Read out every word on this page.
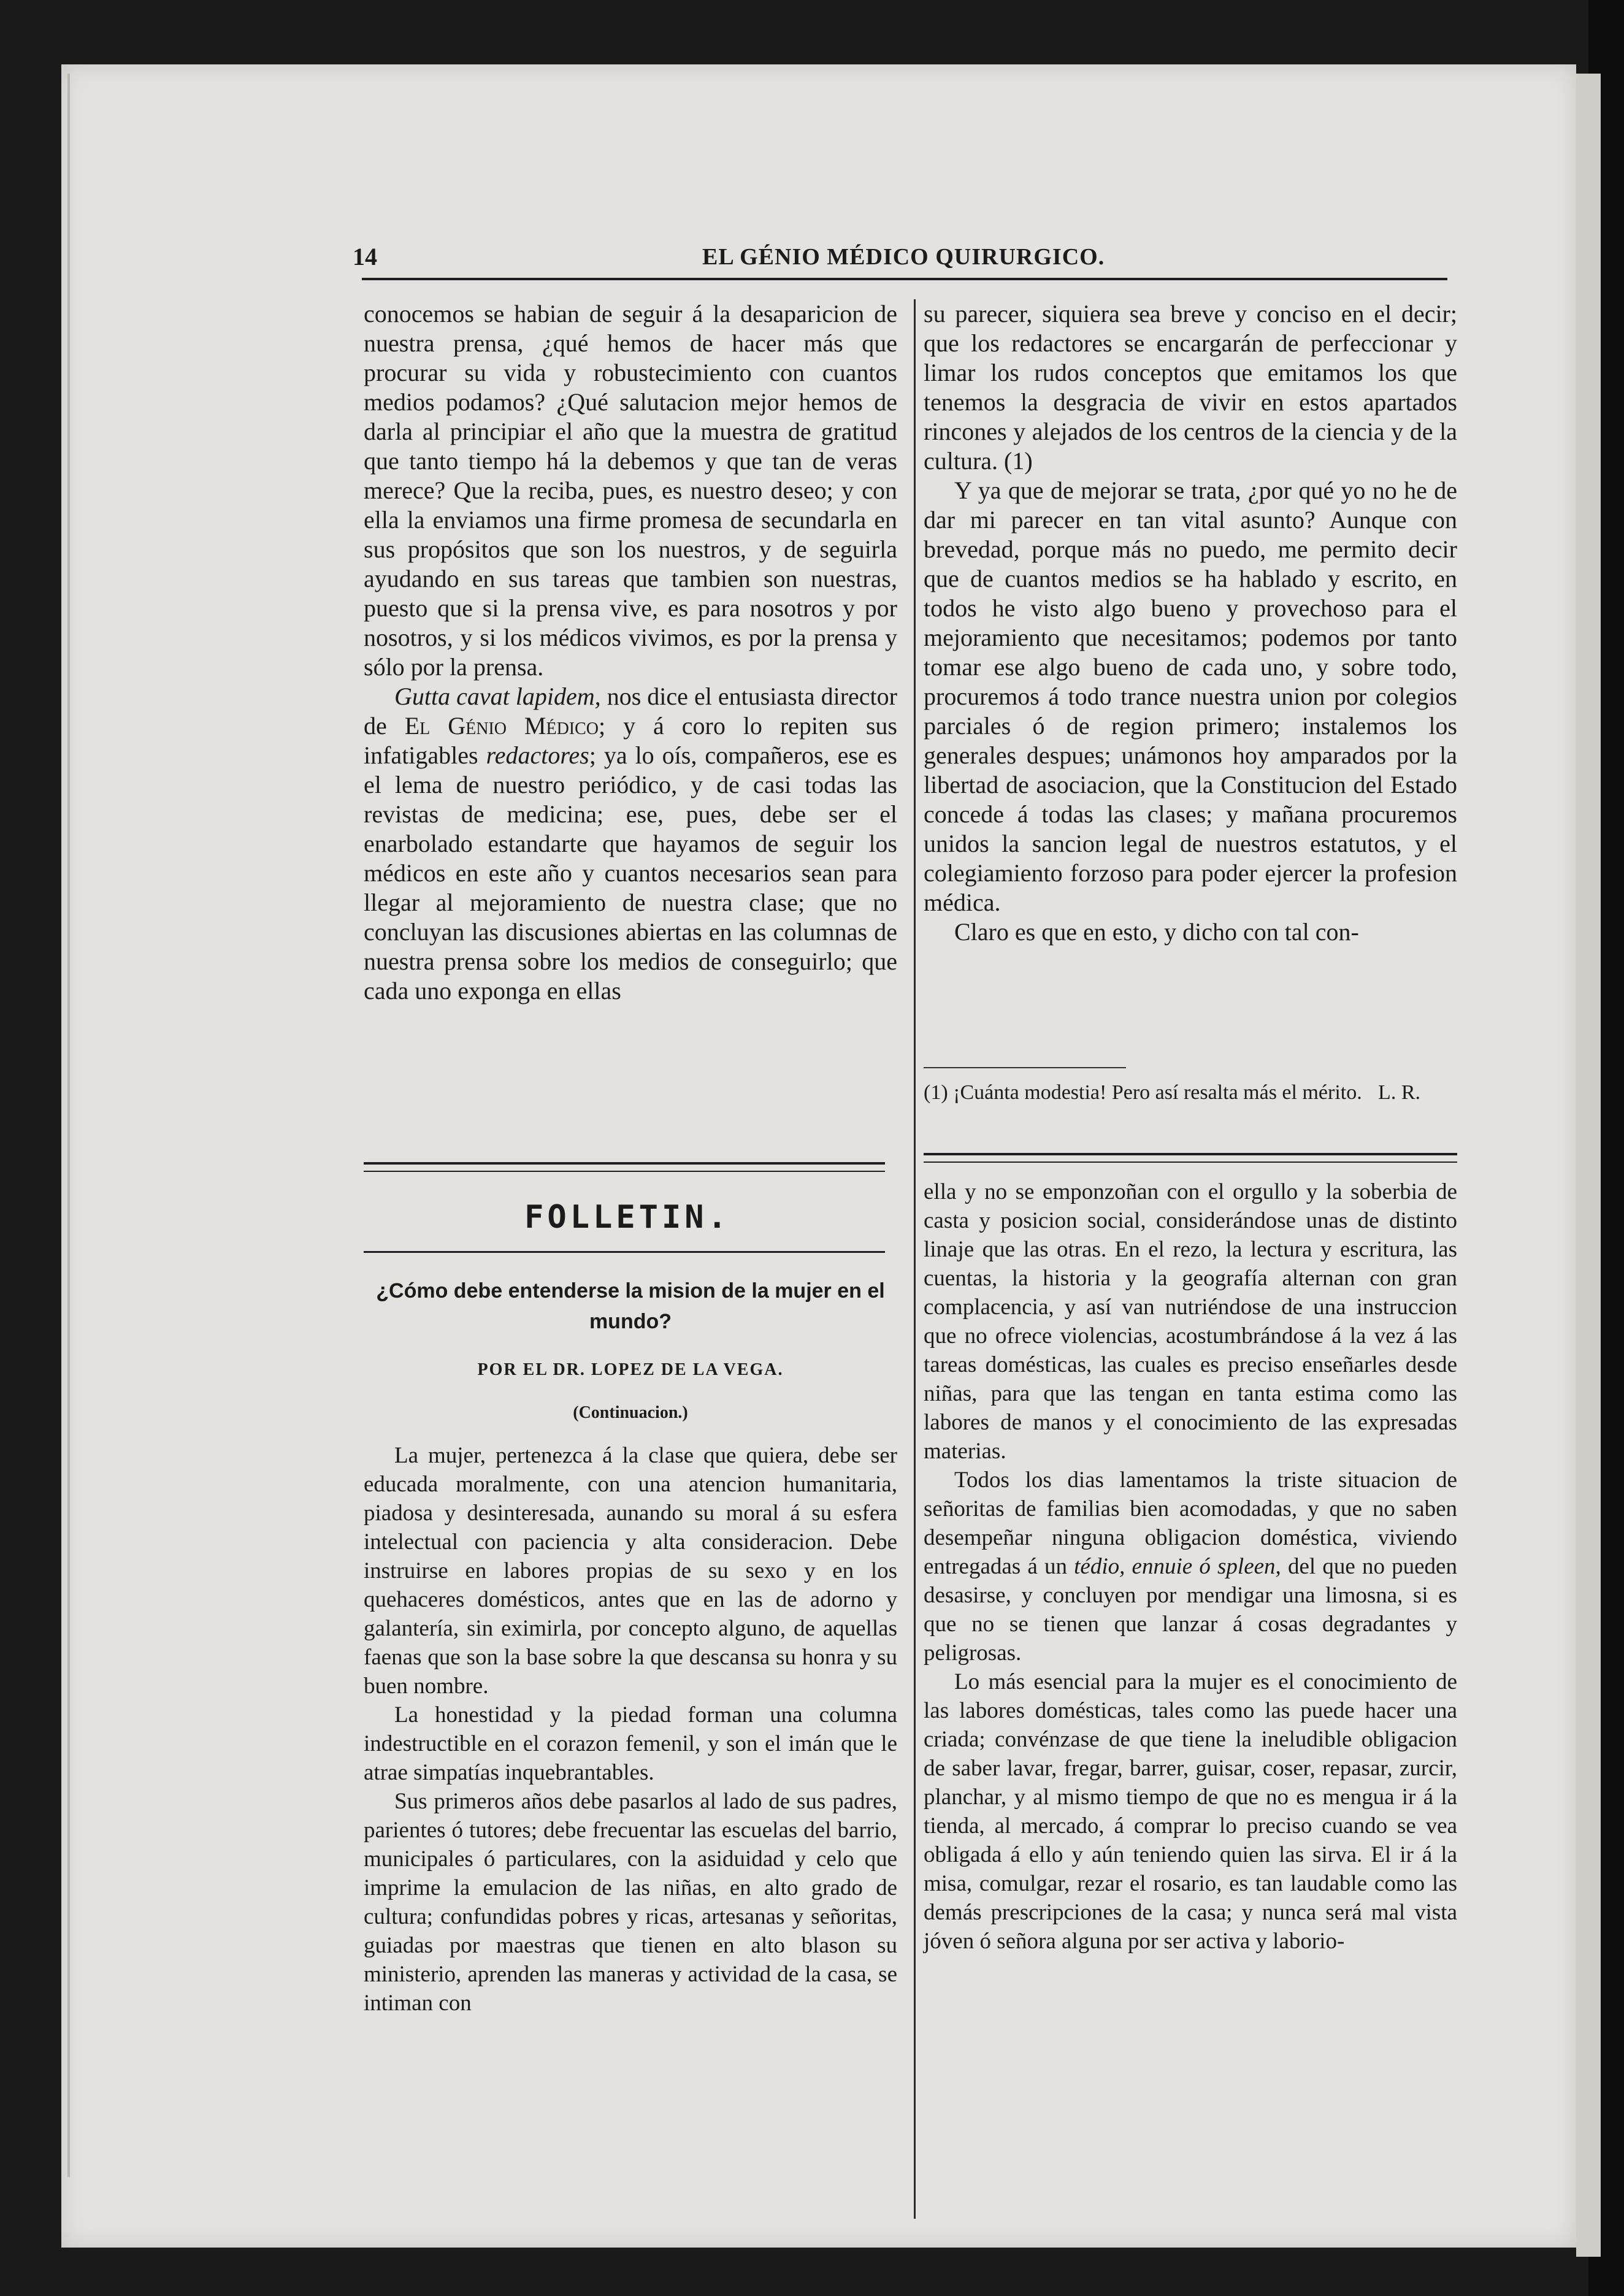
14	EL GÉNIO MÉDICO QUIRURGICO.

conocemos se habian de seguir á la desaparicion de nuestra prensa, ¿qué hemos de hacer más que procurar su vida y robustecimiento con cuantos medios podamos? ¿Qué salutacion mejor hemos de darla al principiar el año que la muestra de gratitud que tanto tiempo há la debemos y que tan de veras merece? Que la reciba, pues, es nuestro deseo; y con ella la enviamos una firme promesa de secundarla en sus propósitos que son los nuestros, y de seguirla ayudando en sus tareas que tambien son nuestras, puesto que si la prensa vive, es para nosotros y por nosotros, y si los médicos vivimos, es por la prensa y sólo por la prensa.

Gutta cavat lapidem, nos dice el entusiasta director de El Génio Médico; y á coro lo repiten sus infatigables redactores; ya lo oís, compañeros, ese es el lema de nuestro periódico, y de casi todas las revistas de medicina; ese, pues, debe ser el enarbolado estandarte que hayamos de seguir los médicos en este año y cuantos necesarios sean para llegar al mejoramiento de nuestra clase; que no concluyan las discusiones abiertas en las columnas de nuestra prensa sobre los medios de conseguirlo; que cada uno exponga en ellas

su parecer, siquiera sea breve y conciso en el decir; que los redactores se encargarán de perfeccionar y limar los rudos conceptos que emitamos los que tenemos la desgracia de vivir en estos apartados rincones y alejados de los centros de la ciencia y de la cultura. (1)

Y ya que de mejorar se trata, ¿por qué yo no he de dar mi parecer en tan vital asunto? Aunque con brevedad, porque más no puedo, me permito decir que de cuantos medios se ha hablado y escrito, en todos he visto algo bueno y provechoso para el mejoramiento que necesitamos; podemos por tanto tomar ese algo bueno de cada uno, y sobre todo, procuremos á todo trance nuestra union por colegios parciales ó de region primero; instalemos los generales despues; unámonos hoy amparados por la libertad de asociacion, que la Constitucion del Estado concede á todas las clases; y mañana procuremos unidos la sancion legal de nuestros estatutos, y el colegiamiento forzoso para poder ejercer la profesion médica.

Claro es que en esto, y dicho con tal con-

(1) ¡Cuánta modestia! Pero así resalta más el mérito. L. R.
FOLLETIN.
¿Cómo debe entenderse la mision de la mujer en el mundo?
POR EL DR. LOPEZ DE LA VEGA.
(Continuacion.)

La mujer, pertenezca á la clase que quiera, debe ser educada moralmente, con una atencion humanitaria, piadosa y desinteresada, aunando su moral á su esfera intelectual con paciencia y alta consideracion. Debe instruirse en labores propias de su sexo y en los quehaceres domésticos, antes que en las de adorno y galantería, sin eximirla, por concepto alguno, de aquellas faenas que son la base sobre la que descansa su honra y su buen nombre.

La honestidad y la piedad forman una columna indestructible en el corazon femenil, y son el imán que le atrae simpatías inquebrantables.

Sus primeros años debe pasarlos al lado de sus padres, parientes ó tutores; debe frecuentar las escuelas del barrio, municipales ó particulares, con la asiduidad y celo que imprime la emulacion de las niñas, en alto grado de cultura; confundidas pobres y ricas, artesanas y señoritas, guiadas por maestras que tienen en alto blason su ministerio, aprenden las maneras y actividad de la casa, se intiman con

ella y no se emponzoñan con el orgullo y la soberbia de casta y posicion social, considerándose unas de distinto linaje que las otras. En el rezo, la lectura y escritura, las cuentas, la historia y la geografía alternan con gran complacencia, y así van nutriéndose de una instruccion que no ofrece violencias, acostumbrándose á la vez á las tareas domésticas, las cuales es preciso enseñarles desde niñas, para que las tengan en tanta estima como las labores de manos y el conocimiento de las expresadas materias.

Todos los dias lamentamos la triste situacion de señoritas de familias bien acomodadas, y que no saben desempeñar ninguna obligacion doméstica, viviendo entregadas á un tédio, ennuie ó spleen, del que no pueden desasirse, y concluyen por mendigar una limosna, si es que no se tienen que lanzar á cosas degradantes y peligrosas.

Lo más esencial para la mujer es el conocimiento de las labores domésticas, tales como las puede hacer una criada; convénzase de que tiene la ineludible obligacion de saber lavar, fregar, barrer, guisar, coser, repasar, zurcir, planchar, y al mismo tiempo de que no es mengua ir á la tienda, al mercado, á comprar lo preciso cuando se vea obligada á ello y aún teniendo quien las sirva. El ir á la misa, comulgar, rezar el rosario, es tan laudable como las demás prescripciones de la casa; y nunca será mal vista jóven ó señora alguna por ser activa y laborio-
